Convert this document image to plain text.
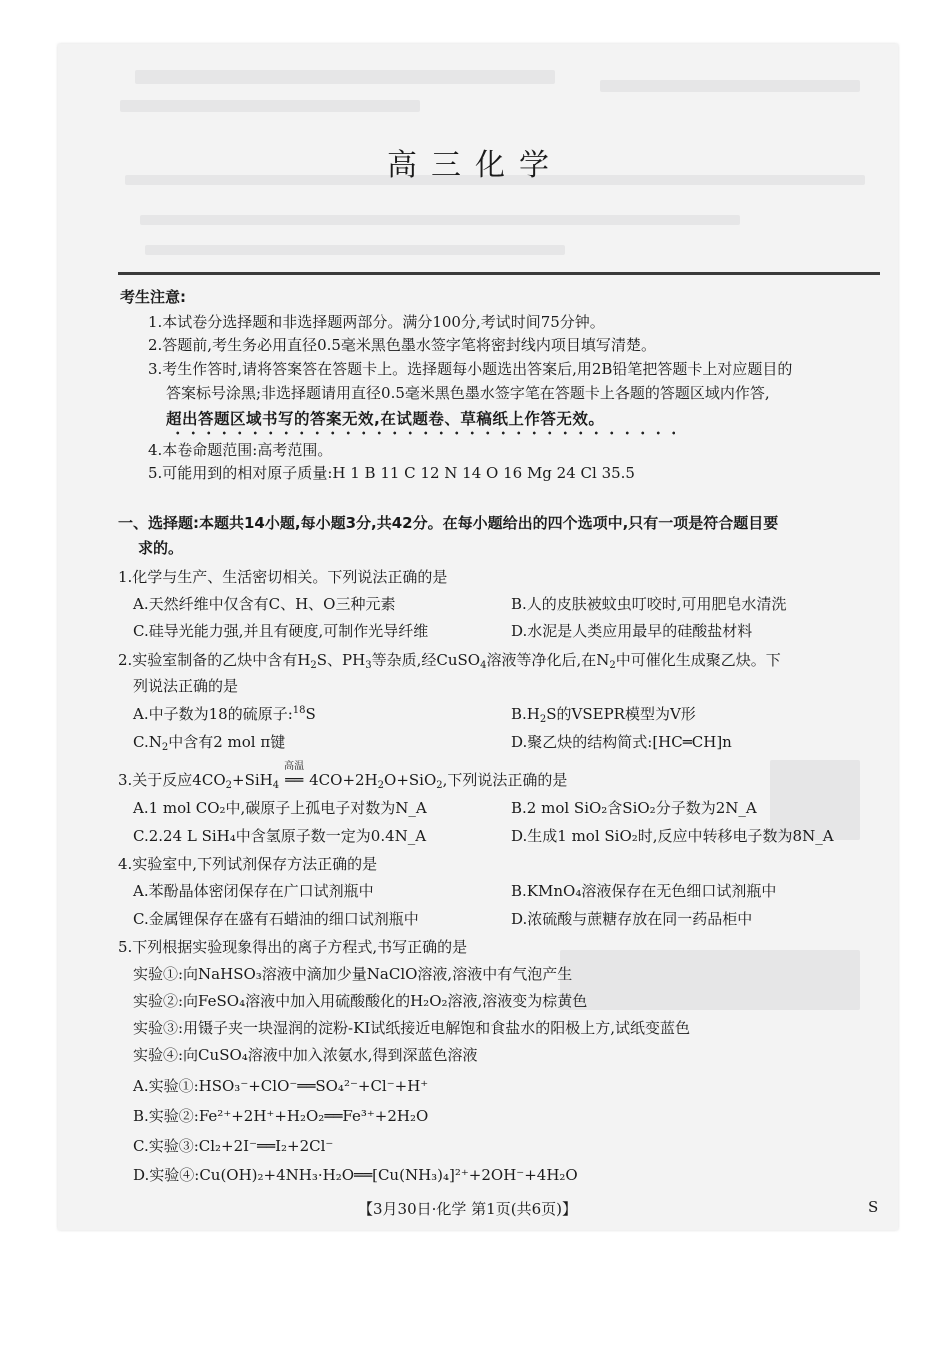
高三化学
考生注意:
1.本试卷分选择题和非选择题两部分。满分100分,考试时间75分钟。
2.答题前,考生务必用直径0.5毫米黑色墨水签字笔将密封线内项目填写清楚。
3.考生作答时,请将答案答在答题卡上。选择题每小题选出答案后,用2B铅笔把答题卡上对应题目的
答案标号涂黑;非选择题请用直径0.5毫米黑色墨水签字笔在答题卡上各题的答题区域内作答,
超出答题区域书写的答案无效,在试题卷、草稿纸上作答无效。
4.本卷命题范围:高考范围。
5.可能用到的相对原子质量:H 1 B 11 C 12 N 14 O 16 Mg 24 Cl 35.5
一、选择题:本题共14小题,每小题3分,共42分。在每小题给出的四个选项中,只有一项是符合题目要
求的。
1.化学与生产、生活密切相关。下列说法正确的是
A.天然纤维中仅含有C、H、O三种元素	B.人的皮肤被蚊虫叮咬时,可用肥皂水清洗
C.硅导光能力强,并且有硬度,可制作光导纤维	D.水泥是人类应用最早的硅酸盐材料
2.实验室制备的乙炔中含有$H_2S$、$PH_3$等杂质,经CuSO$_4$溶液等净化后,在$N_2$中可催化生成聚乙炔。下
列说法正确的是
A.中子数为18的硫原子:$^{18}$S	$B.H_2S$的VSEPR模型为V形
$C.N_2$中含有2 mol π键	D.聚乙炔的结构简式:[HC═CH]n
3.关于反应$4CO_2+SiH_4$
高温
══ $4CO+2H_2O+SiO_2$,下列说法正确的是
A.1 mol CO₂中,碳原子上孤电子对数为N_A	B.2 mol SiO₂含SiO₂分子数为2N_A
C.2.24 L SiH₄中含氢原子数一定为0.4N_A	D.生成1 mol SiO₂时,反应中转移电子数为8N_A
4.实验室中,下列试剂保存方法正确的是
A.苯酚晶体密闭保存在广口试剂瓶中	B.KMnO₄溶液保存在无色细口试剂瓶中
C.金属锂保存在盛有石蜡油的细口试剂瓶中	D.浓硫酸与蔗糖存放在同一药品柜中
5.下列根据实验现象得出的离子方程式,书写正确的是
实验①:向NaHSO₃溶液中滴加少量NaClO溶液,溶液中有气泡产生
实验②:向FeSO₄溶液中加入用硫酸酸化的H₂O₂溶液,溶液变为棕黄色
实验③:用镊子夹一块湿润的淀粉-KI试纸接近电解饱和食盐水的阳极上方,试纸变蓝色
实验④:向CuSO₄溶液中加入浓氨水,得到深蓝色溶液
A.实验①:HSO₃⁻+ClO⁻══SO₄²⁻+Cl⁻+H⁺
B.实验②:Fe²⁺+2H⁺+H₂O₂══Fe³⁺+2H₂O
C.实验③:Cl₂+2I⁻══I₂+2Cl⁻
D.实验④:Cu(OH)₂+4NH₃·H₂O══[Cu(NH₃)₄]²⁺+2OH⁻+4H₂O
【3月30日·化学 第1页(共6页)】	S
